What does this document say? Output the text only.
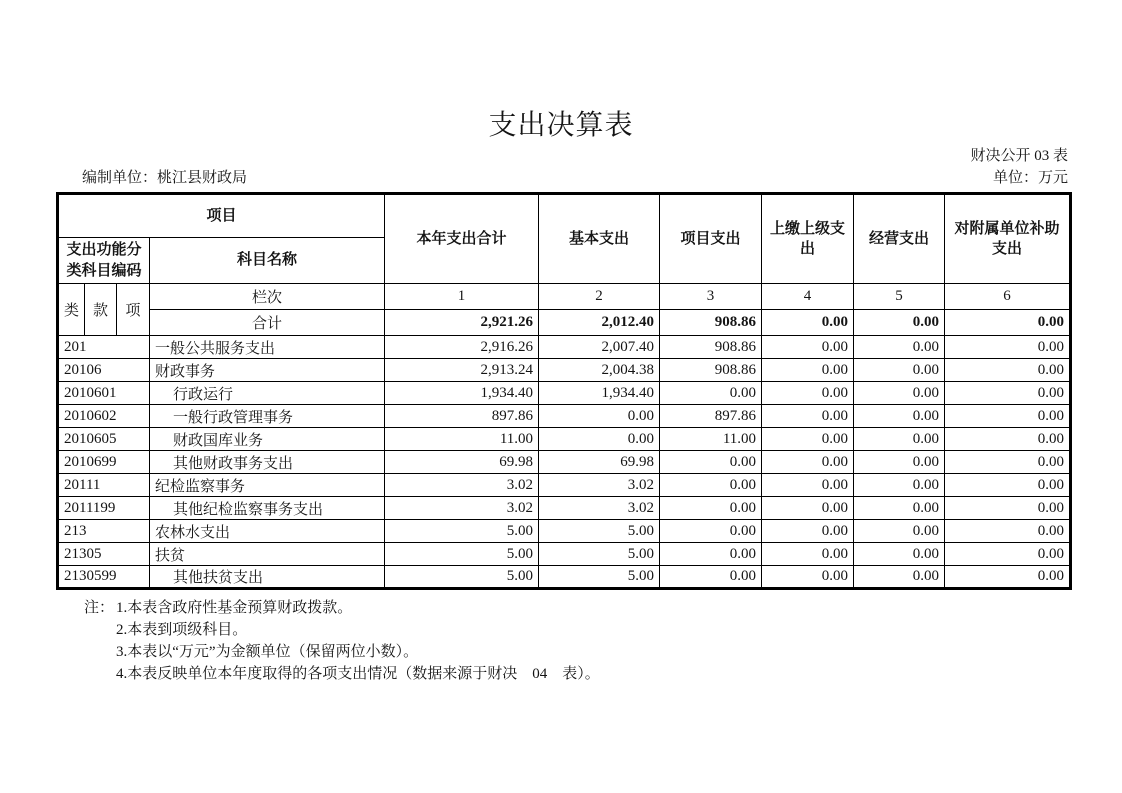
支出决算表
财决公开 03 表
编制单位：桃江县财政局	单位：万元
项目				本年支出合计	基本支出	项目支出	上缴上级支出	经营支出	对附属单位补助支出
支出功能分类科目编码			科目名称						
类	款	项	栏次	1	2	3	4	5	6
			合计	2,921.26	2,012.40	908.86	0.00	0.00	0.00
201			一般公共服务支出	2,916.26	2,007.40	908.86	0.00	0.00	0.00
20106			财政事务	2,913.24	2,004.38	908.86	0.00	0.00	0.00
2010601			行政运行	1,934.40	1,934.40	0.00	0.00	0.00	0.00
2010602			一般行政管理事务	897.86	0.00	897.86	0.00	0.00	0.00
2010605			财政国库业务	11.00	0.00	11.00	0.00	0.00	0.00
2010699			其他财政事务支出	69.98	69.98	0.00	0.00	0.00	0.00
20111			纪检监察事务	3.02	3.02	0.00	0.00	0.00	0.00
2011199			其他纪检监察事务支出	3.02	3.02	0.00	0.00	0.00	0.00
213			农林水支出	5.00	5.00	0.00	0.00	0.00	0.00
21305			扶贫	5.00	5.00	0.00	0.00	0.00	0.00
2130599			其他扶贫支出	5.00	5.00	0.00	0.00	0.00	0.00
注： 1.本表含政府性基金预算财政拨款。
2.本表到项级科目。
3.本表以“万元”为金额单位（保留两位小数）。
4.本表反映单位本年度取得的各项支出情况（数据来源于财决　04　表）。
